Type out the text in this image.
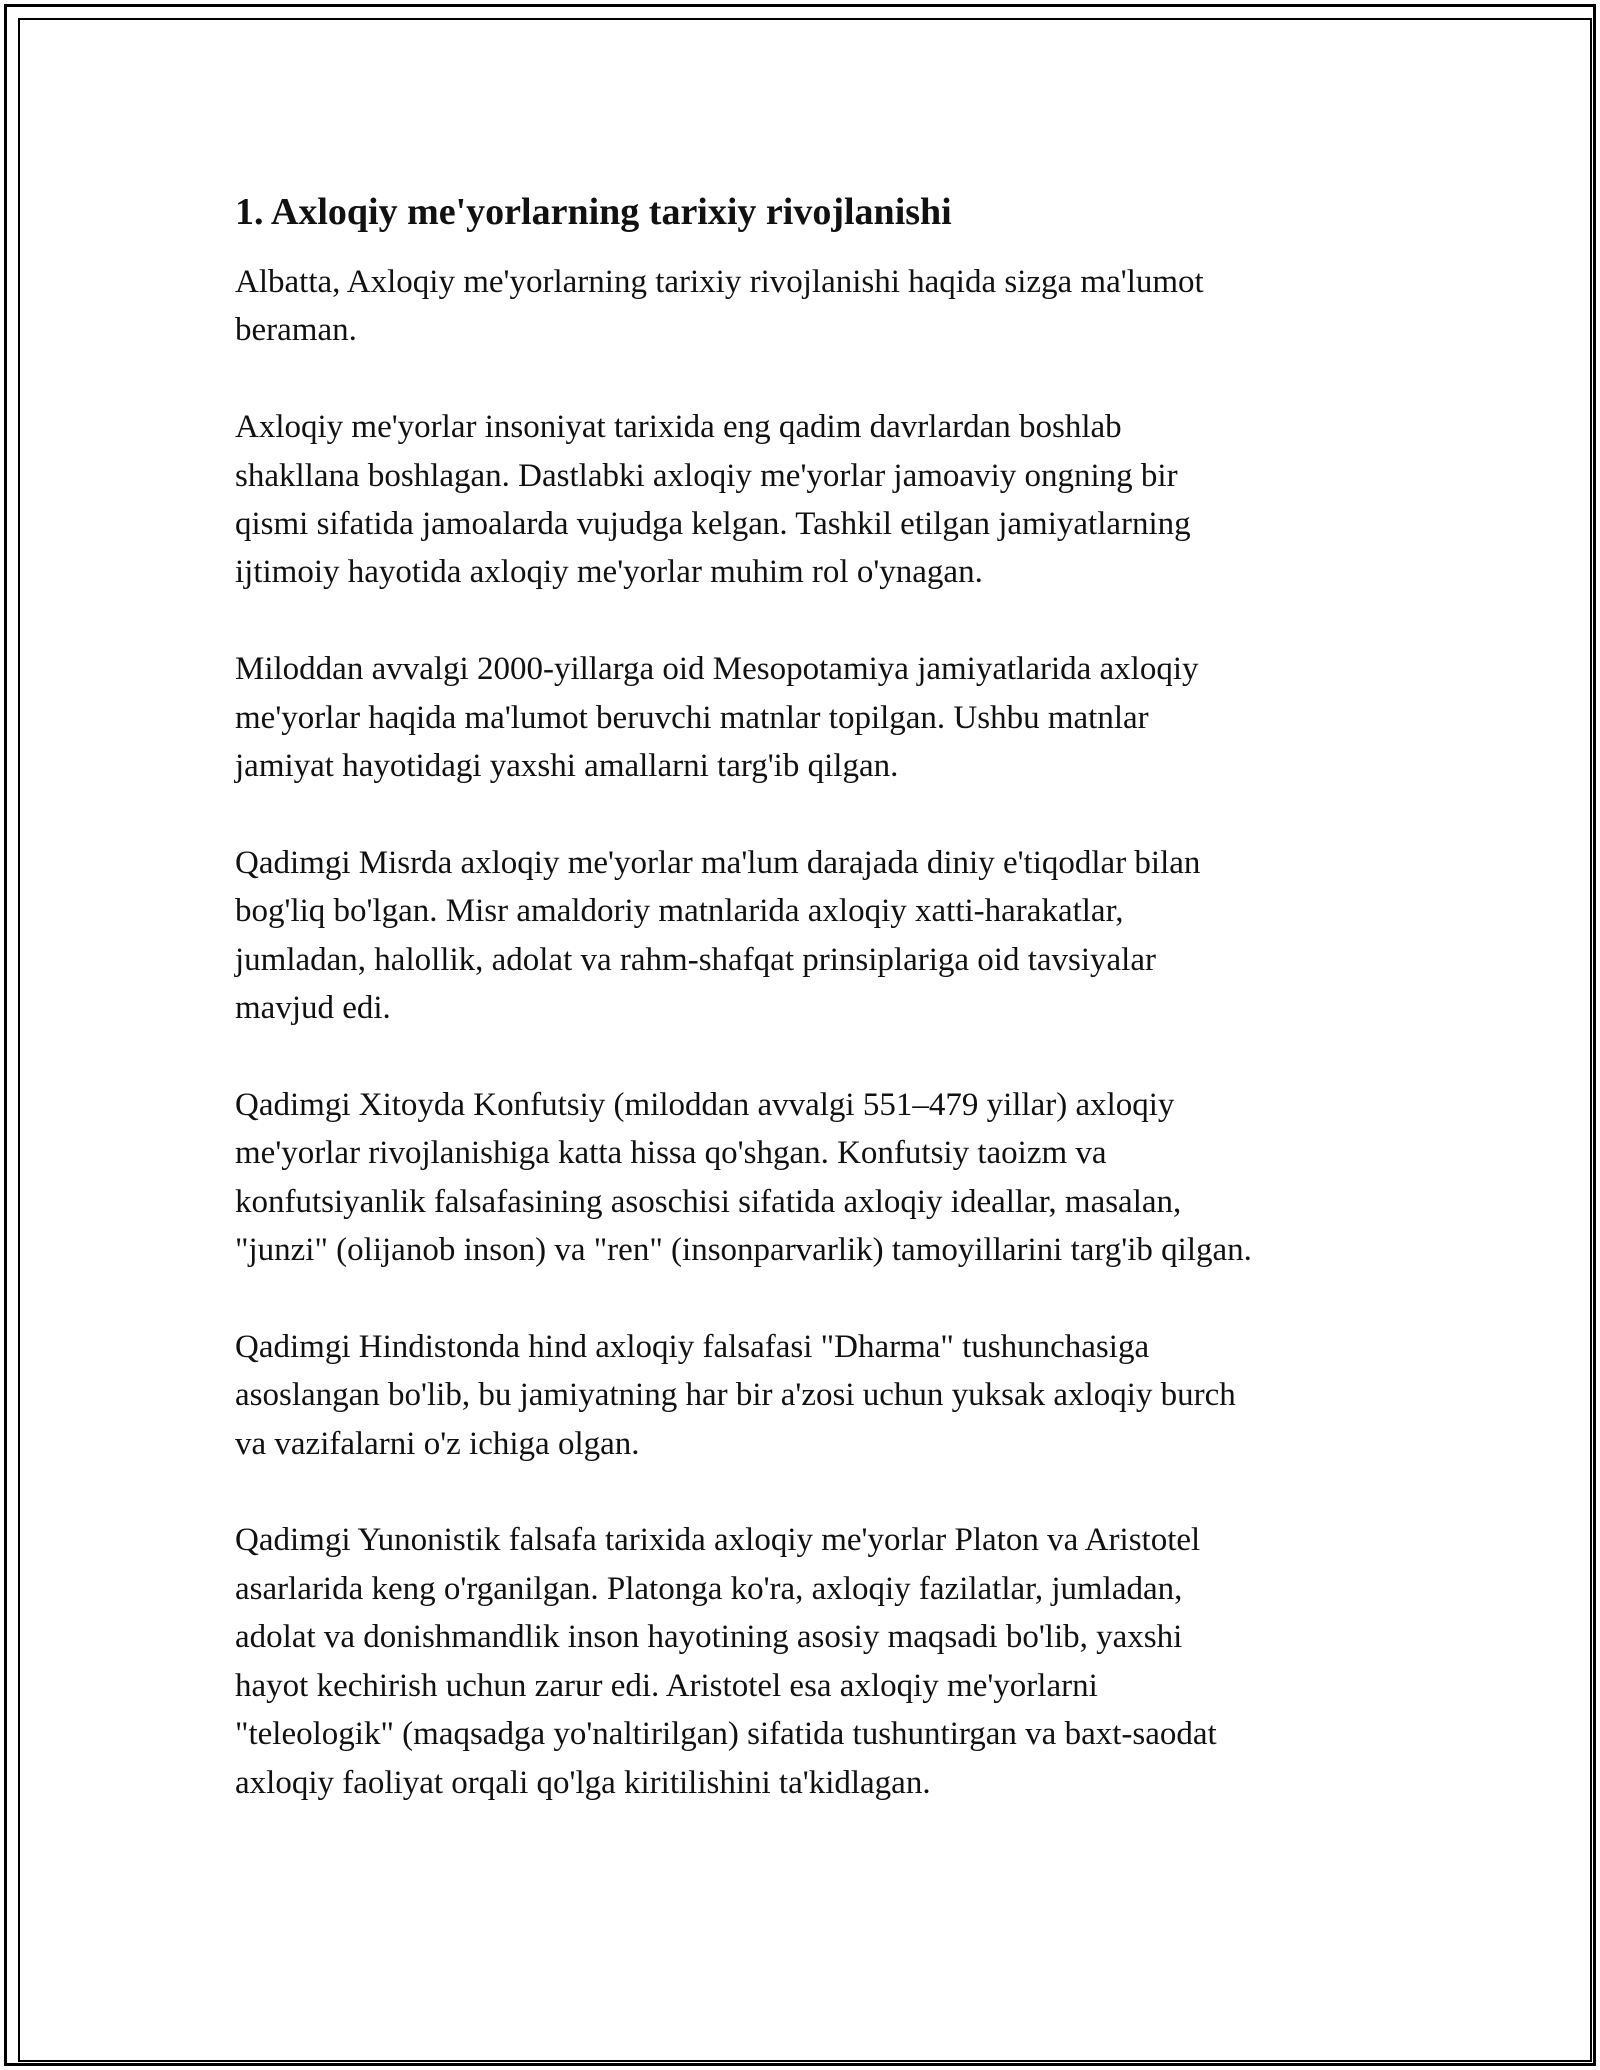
1. Axloqiy me'yorlarning tarixiy rivojlanishi

Albatta, Axloqiy me'yorlarning tarixiy rivojlanishi haqida sizga ma'lumot
beraman.

Axloqiy me'yorlar insoniyat tarixida eng qadim davrlardan boshlab
shakllana boshlagan. Dastlabki axloqiy me'yorlar jamoaviy ongning bir
qismi sifatida jamoalarda vujudga kelgan. Tashkil etilgan jamiyatlarning
ijtimoiy hayotida axloqiy me'yorlar muhim rol o'ynagan.

Miloddan avvalgi 2000-yillarga oid Mesopotamiya jamiyatlarida axloqiy
me'yorlar haqida ma'lumot beruvchi matnlar topilgan. Ushbu matnlar
jamiyat hayotidagi yaxshi amallarni targ'ib qilgan.

Qadimgi Misrda axloqiy me'yorlar ma'lum darajada diniy e'tiqodlar bilan
bog'liq bo'lgan. Misr amaldoriy matnlarida axloqiy xatti-harakatlar,
jumladan, halollik, adolat va rahm-shafqat prinsiplariga oid tavsiyalar
mavjud edi.

Qadimgi Xitoyda Konfutsiy (miloddan avvalgi 551–479 yillar) axloqiy
me'yorlar rivojlanishiga katta hissa qo'shgan. Konfutsiy taoizm va
konfutsiyanlik falsafasining asoschisi sifatida axloqiy ideallar, masalan,
"junzi" (olijanob inson) va "ren" (insonparvarlik) tamoyillarini targ'ib qilgan.

Qadimgi Hindistonda hind axloqiy falsafasi "Dharma" tushunchasiga
asoslangan bo'lib, bu jamiyatning har bir a'zosi uchun yuksak axloqiy burch
va vazifalarni o'z ichiga olgan.

Qadimgi Yunonistik falsafa tarixida axloqiy me'yorlar Platon va Aristotel
asarlarida keng o'rganilgan. Platonga ko'ra, axloqiy fazilatlar, jumladan,
adolat va donishmandlik inson hayotining asosiy maqsadi bo'lib, yaxshi
hayot kechirish uchun zarur edi. Aristotel esa axloqiy me'yorlarni
"teleologik" (maqsadga yo'naltirilgan) sifatida tushuntirgan va baxt-saodat
axloqiy faoliyat orqali qo'lga kiritilishini ta'kidlagan.
